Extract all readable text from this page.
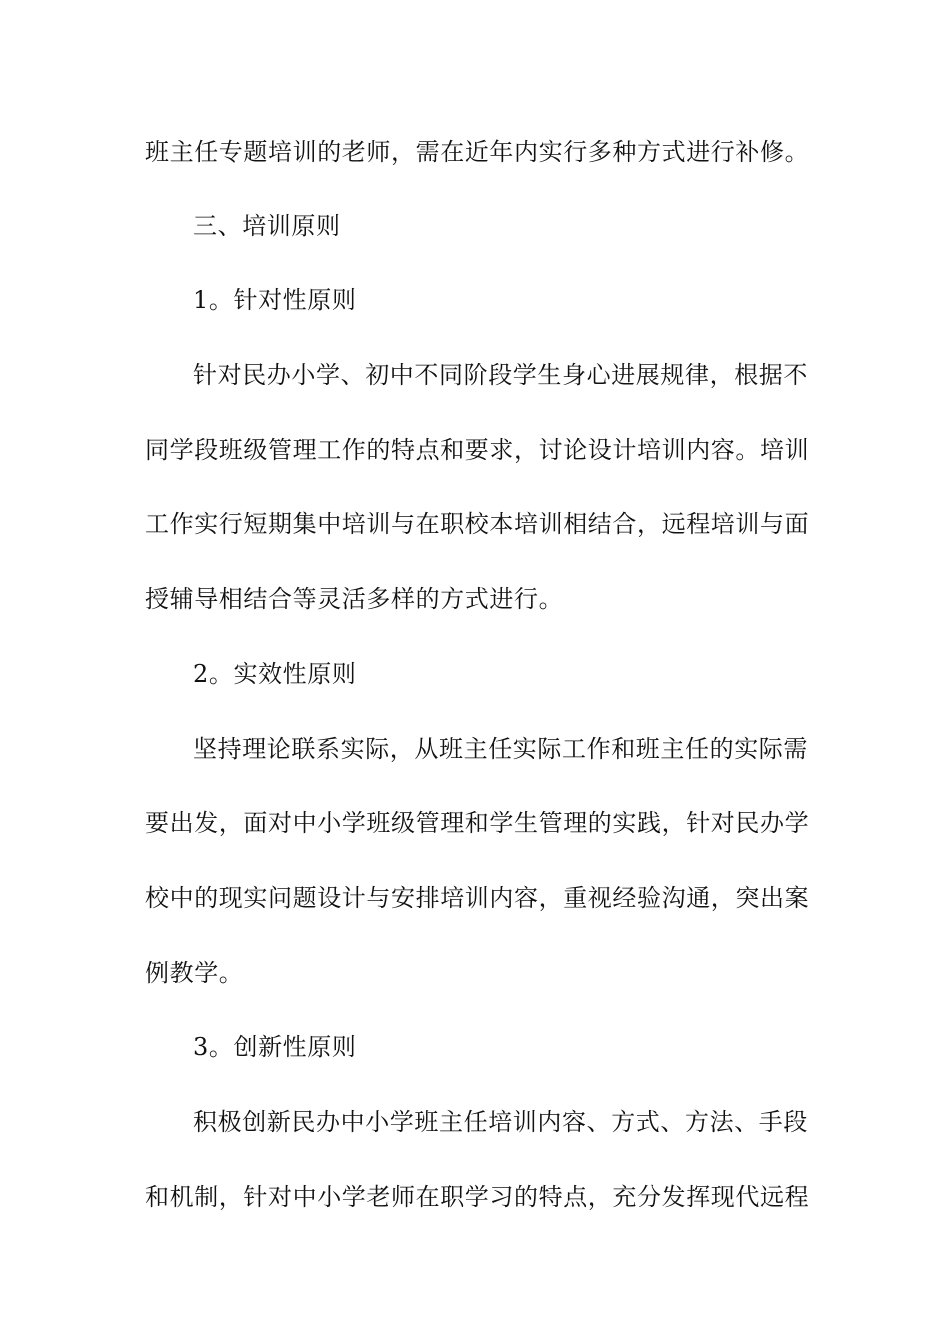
班主任专题培训的老师，需在近年内实行多种方式进行补修。
三、培训原则
1。针对性原则
针对民办小学、初中不同阶段学生身心进展规律，根据不
同学段班级管理工作的特点和要求，讨论设计培训内容。培训
工作实行短期集中培训与在职校本培训相结合，远程培训与面
授辅导相结合等灵活多样的方式进行。
2。实效性原则
坚持理论联系实际，从班主任实际工作和班主任的实际需
要出发，面对中小学班级管理和学生管理的实践，针对民办学
校中的现实问题设计与安排培训内容，重视经验沟通，突出案
例教学。
3。创新性原则
积极创新民办中小学班主任培训内容、方式、方法、手段
和机制，针对中小学老师在职学习的特点，充分发挥现代远程
